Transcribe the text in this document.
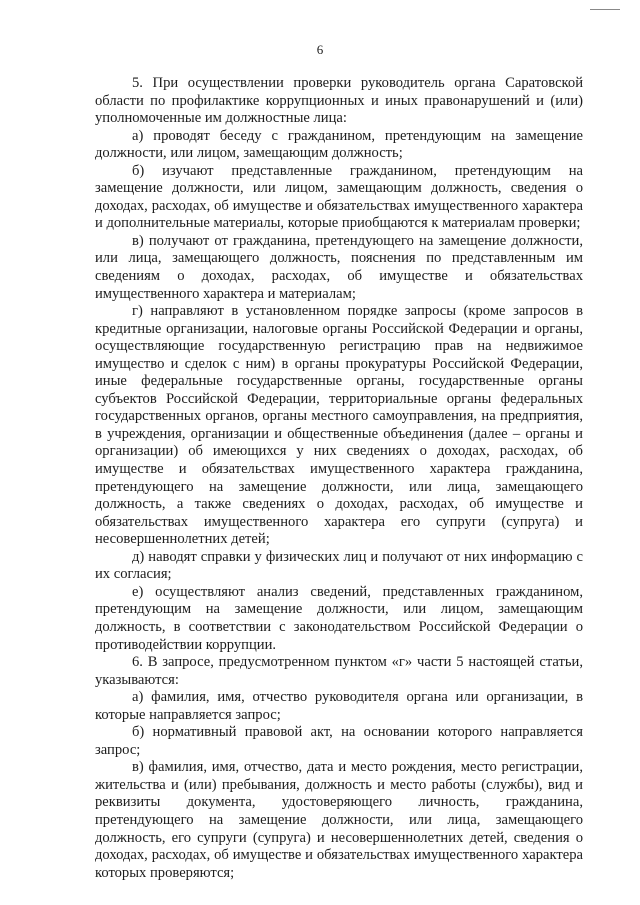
6

5. При осуществлении проверки руководитель органа Саратовской области по профилактике коррупционных и иных правонарушений и (или) уполномоченные им должностные лица:

а) проводят беседу с гражданином, претендующим на замещение должности, или лицом, замещающим должность;

б) изучают представленные гражданином, претендующим на замещение должности, или лицом, замещающим должность, сведения о доходах, расходах, об имуществе и обязательствах имущественного характера и дополнительные материалы, которые приобщаются к материалам проверки;

в) получают от гражданина, претендующего на замещение должности, или лица, замещающего должность, пояснения по представленным им сведениям о доходах, расходах, об имуществе и обязательствах имущественного характера и материалам;

г) направляют в установленном порядке запросы (кроме запросов в кредитные организации, налоговые органы Российской Федерации и органы, осуществляющие государственную регистрацию прав на недвижимое имущество и сделок с ним) в органы прокуратуры Российской Федерации, иные федеральные государственные органы, государственные органы субъектов Российской Федерации, территориальные органы федеральных государственных органов, органы местного самоуправления, на предприятия, в учреждения, организации и общественные объединения (далее – органы и организации) об имеющихся у них сведениях о доходах, расходах, об имуществе и обязательствах имущественного характера гражданина, претендующего на замещение должности, или лица, замещающего должность, а также сведениях о доходах, расходах, об имуществе и обязательствах имущественного характера его супруги (супруга) и несовершеннолетних детей;

д) наводят справки у физических лиц и получают от них информацию с их согласия;

е) осуществляют анализ сведений, представленных гражданином, претендующим на замещение должности, или лицом, замещающим должность, в соответствии с законодательством Российской Федерации о противодействии коррупции.

6. В запросе, предусмотренном пунктом «г» части 5 настоящей статьи, указываются:

а) фамилия, имя, отчество руководителя органа или организации, в которые направляется запрос;

б) нормативный правовой акт, на основании которого направляется запрос;

в) фамилия, имя, отчество, дата и место рождения, место регистрации, жительства и (или) пребывания, должность и место работы (службы), вид и реквизиты документа, удостоверяющего личность, гражданина, претендующего на замещение должности, или лица, замещающего должность, его супруги (супруга) и несовершеннолетних детей, сведения о доходах, расходах, об имуществе и обязательствах имущественного характера которых проверяются;
